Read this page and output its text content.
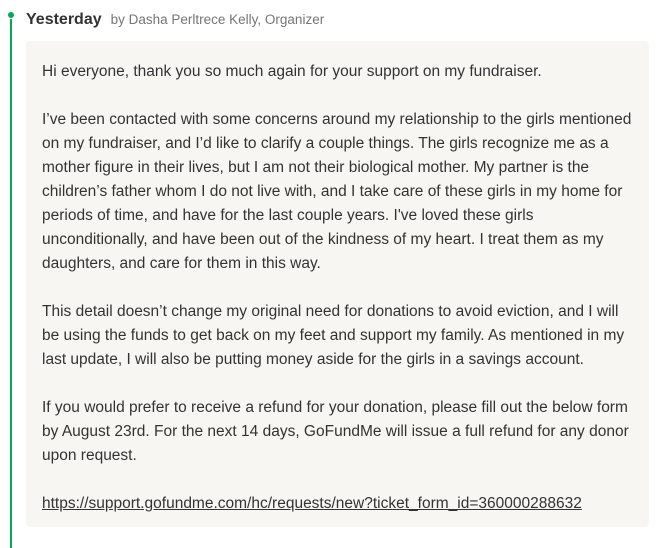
Yesterday by Dasha Perltrece Kelly, Organizer

Hi everyone, thank you so much again for your support on my fundraiser.

I’ve been contacted with some concerns around my relationship to the girls mentioned on my fundraiser, and I’d like to clarify a couple things. The girls recognize me as a mother figure in their lives, but I am not their biological mother. My partner is the children’s father whom I do not live with, and I take care of these girls in my home for periods of time, and have for the last couple years. I've loved these girls unconditionally, and have been out of the kindness of my heart. I treat them as my daughters, and care for them in this way.

This detail doesn’t change my original need for donations to avoid eviction, and I will be using the funds to get back on my feet and support my family. As mentioned in my last update, I will also be putting money aside for the girls in a savings account.

If you would prefer to receive a refund for your donation, please fill out the below form by August 23rd. For the next 14 days, GoFundMe will issue a full refund for any donor upon request.

https://support.gofundme.com/hc/requests/new?ticket_form_id=360000288632
